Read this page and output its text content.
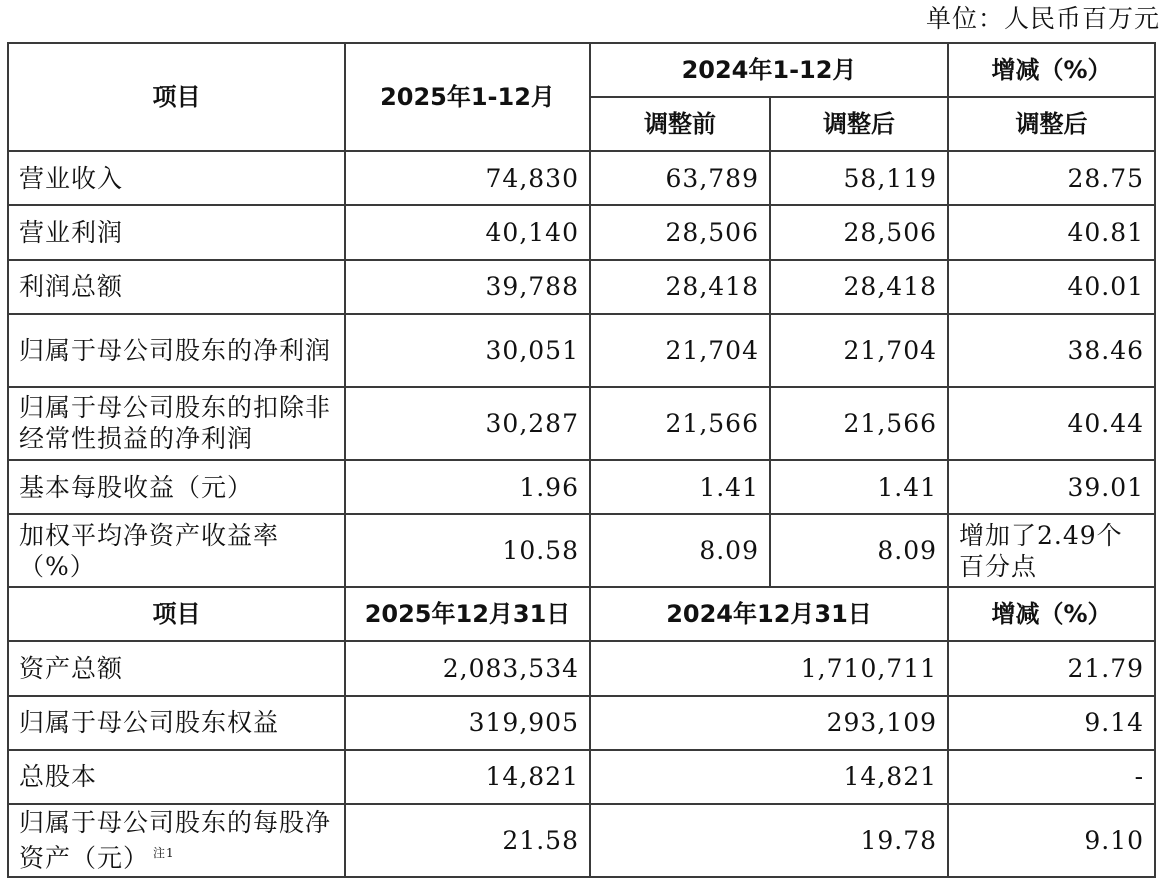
单位：人民币百万元
项目	2025年1-12月	2024年1-12月		增减（%）
		调整前	调整后	调整后
营业收入	74,830	63,789	58,119	28.75
营业利润	40,140	28,506	28,506	40.81
利润总额	39,788	28,418	28,418	40.01
归属于母公司股东的净利润	30,051	21,704	21,704	38.46
归属于母公司股东的扣除非经常性损益的净利润	30,287	21,566	21,566	40.44
基本每股收益（元）	1.96	1.41	1.41	39.01
加权平均净资产收益率（%）	10.58	8.09	8.09	增加了2.49个百分点
项目	2025年12月31日	2024年12月31日		增减（%）
资产总额	2,083,534	1,710,711		21.79
归属于母公司股东权益	319,905	293,109		9.14
总股本	14,821	14,821		-
归属于母公司股东的每股净资产（元） $^{注1}$	21.58	19.78		9.10
